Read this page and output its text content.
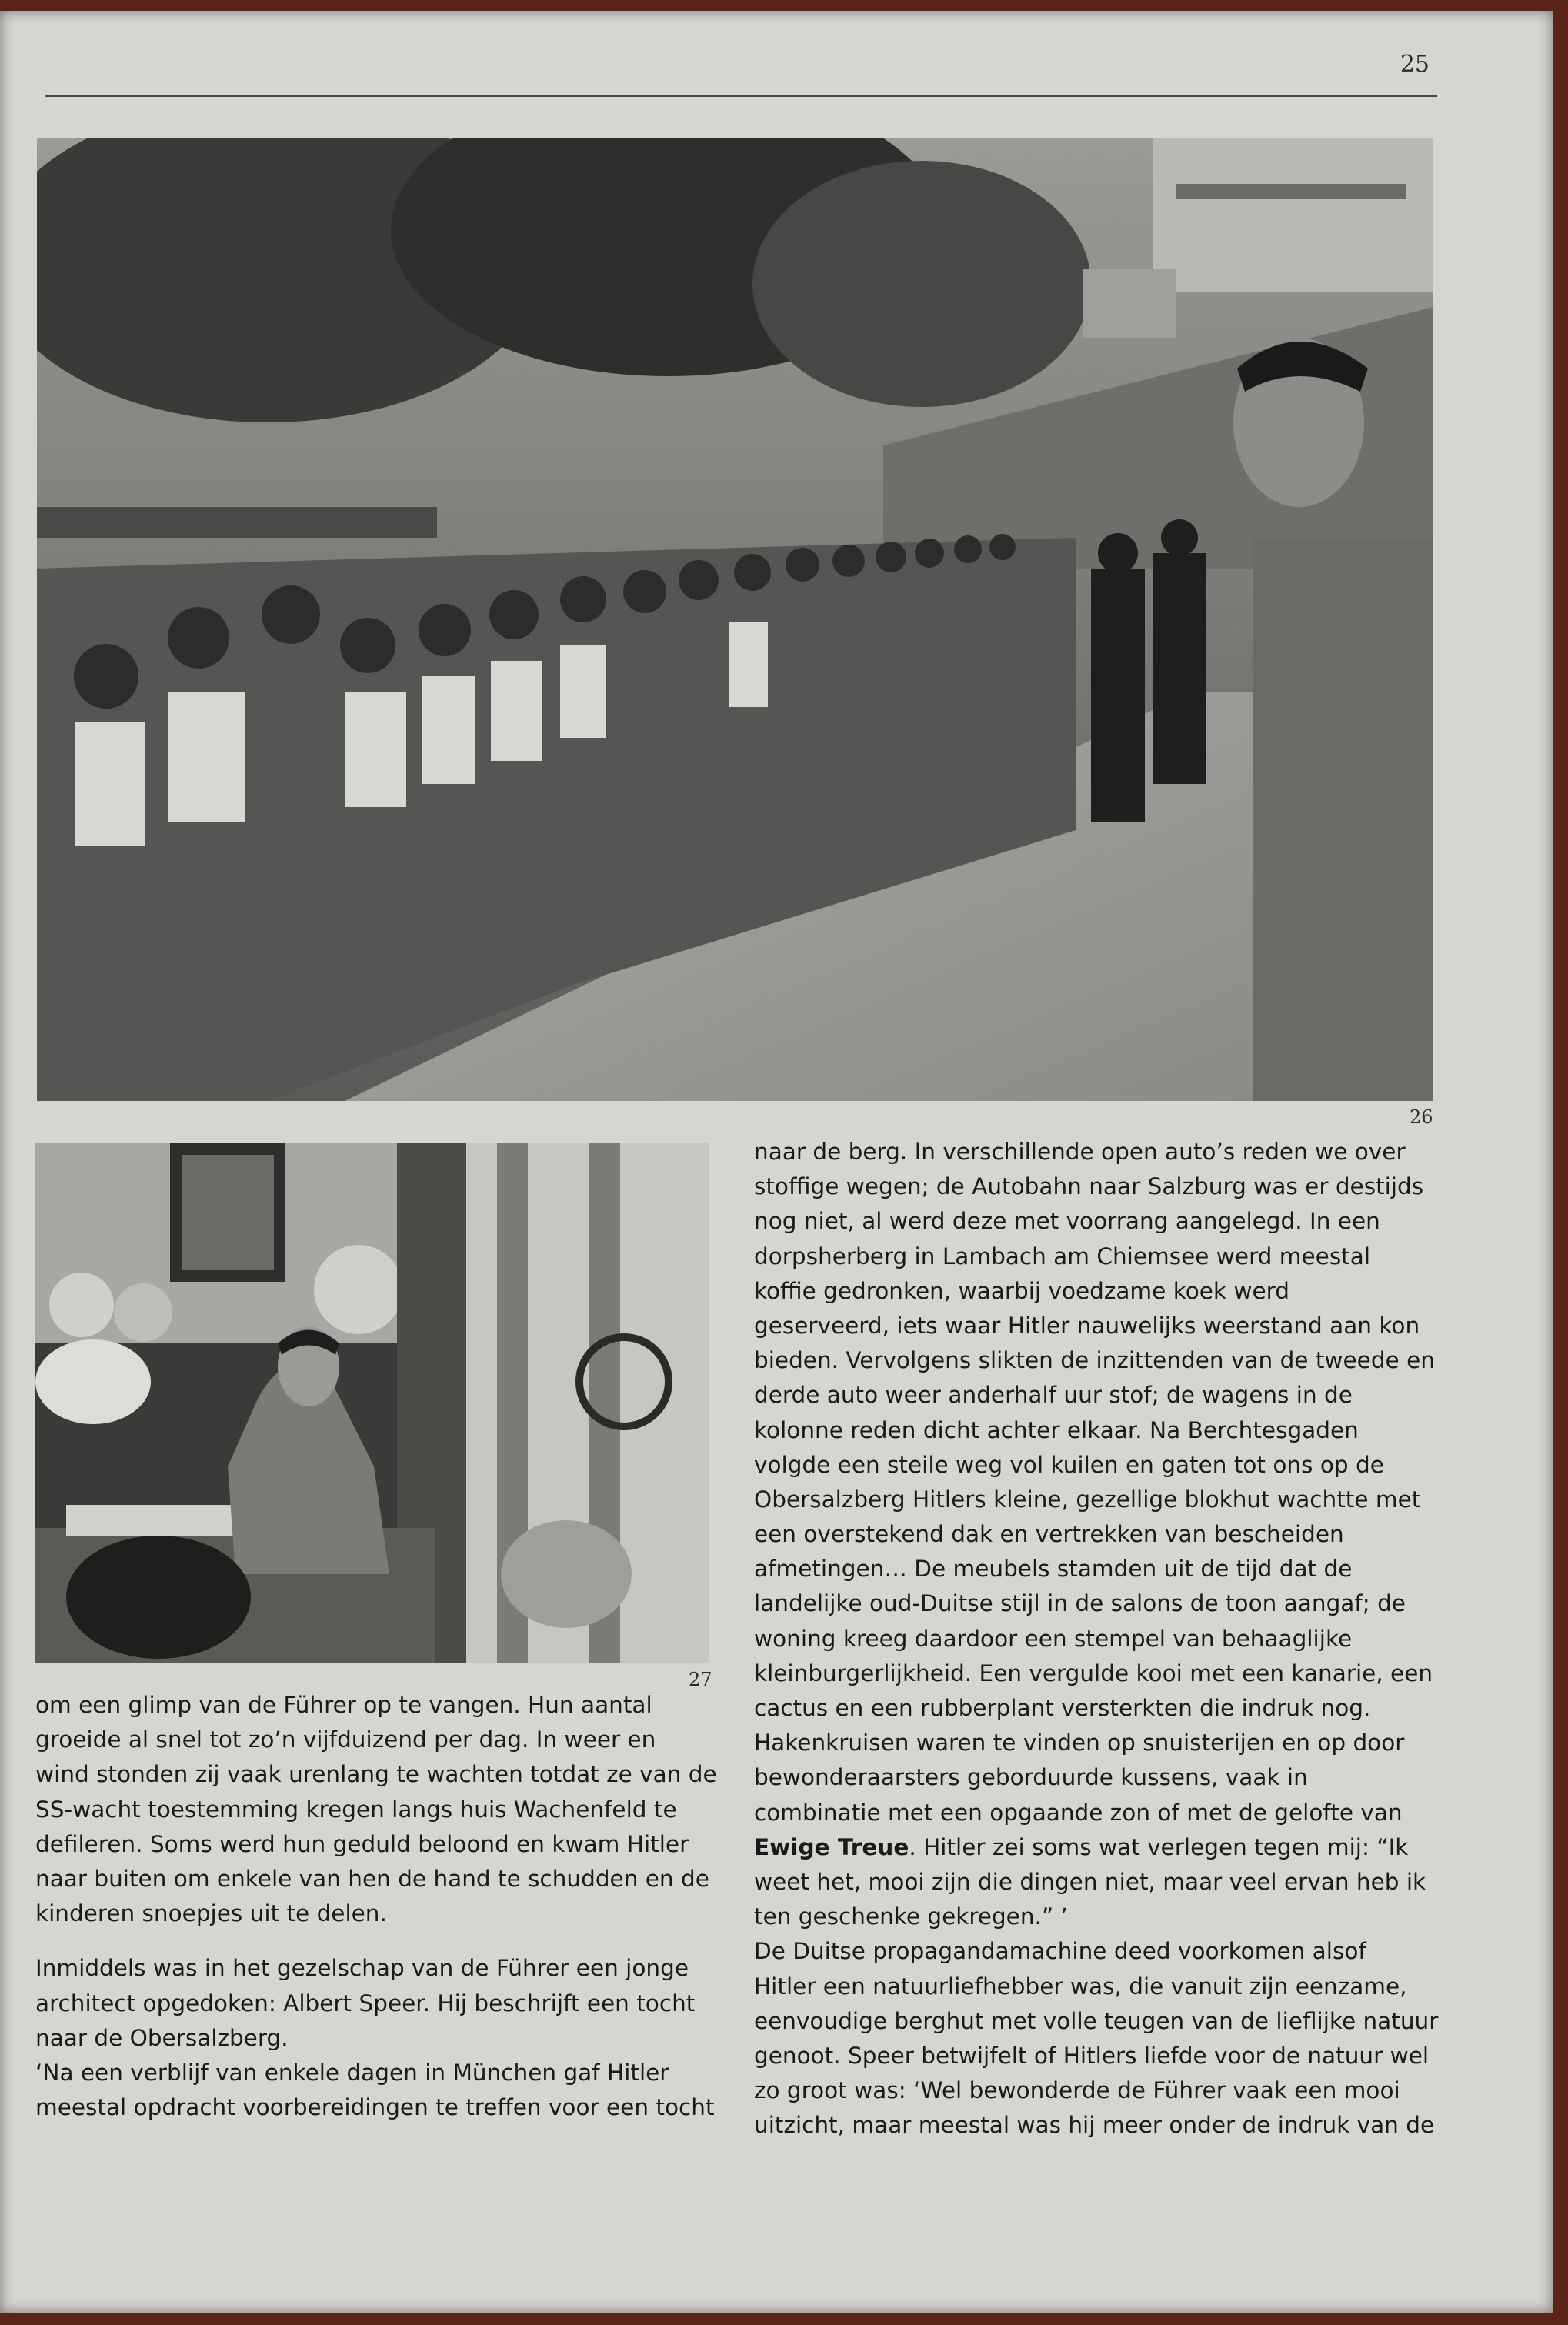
25
26
27
om een glimp van de Führer op te vangen. Hun aantal
groeide al snel tot zo’n vijfduizend per dag. In weer en
wind stonden zij vaak urenlang te wachten totdat ze van de
SS-wacht toestemming kregen langs huis Wachenfeld te
defileren. Soms werd hun geduld beloond en kwam Hitler
naar buiten om enkele van hen de hand te schudden en de
kinderen snoepjes uit te delen.
Inmiddels was in het gezelschap van de Führer een jonge
architect opgedoken: Albert Speer. Hij beschrijft een tocht
naar de Obersalzberg.
‘Na een verblijf van enkele dagen in München gaf Hitler
meestal opdracht voorbereidingen te treffen voor een tocht
naar de berg. In verschillende open auto’s reden we over
stoffige wegen; de Autobahn naar Salzburg was er destijds
nog niet, al werd deze met voorrang aangelegd. In een
dorpsherberg in Lambach am Chiemsee werd meestal
koffie gedronken, waarbij voedzame koek werd
geserveerd, iets waar Hitler nauwelijks weerstand aan kon
bieden. Vervolgens slikten de inzittenden van de tweede en
derde auto weer anderhalf uur stof; de wagens in de
kolonne reden dicht achter elkaar. Na Berchtesgaden
volgde een steile weg vol kuilen en gaten tot ons op de
Obersalzberg Hitlers kleine, gezellige blokhut wachtte met
een overstekend dak en vertrekken van bescheiden
afmetingen… De meubels stamden uit de tijd dat de
landelijke oud-Duitse stijl in de salons de toon aangaf; de
woning kreeg daardoor een stempel van behaaglijke
kleinburgerlijkheid. Een vergulde kooi met een kanarie, een
cactus en een rubberplant versterkten die indruk nog.
Hakenkruisen waren te vinden op snuisterijen en op door
bewonderaarsters geborduurde kussens, vaak in
combinatie met een opgaande zon of met de gelofte van
Ewige Treue. Hitler zei soms wat verlegen tegen mij: “Ik
weet het, mooi zijn die dingen niet, maar veel ervan heb ik
ten geschenke gekregen.” ’
De Duitse propagandamachine deed voorkomen alsof
Hitler een natuurliefhebber was, die vanuit zijn eenzame,
eenvoudige berghut met volle teugen van de lieflijke natuur
genoot. Speer betwijfelt of Hitlers liefde voor de natuur wel
zo groot was: ‘Wel bewonderde de Führer vaak een mooi
uitzicht, maar meestal was hij meer onder de indruk van de
